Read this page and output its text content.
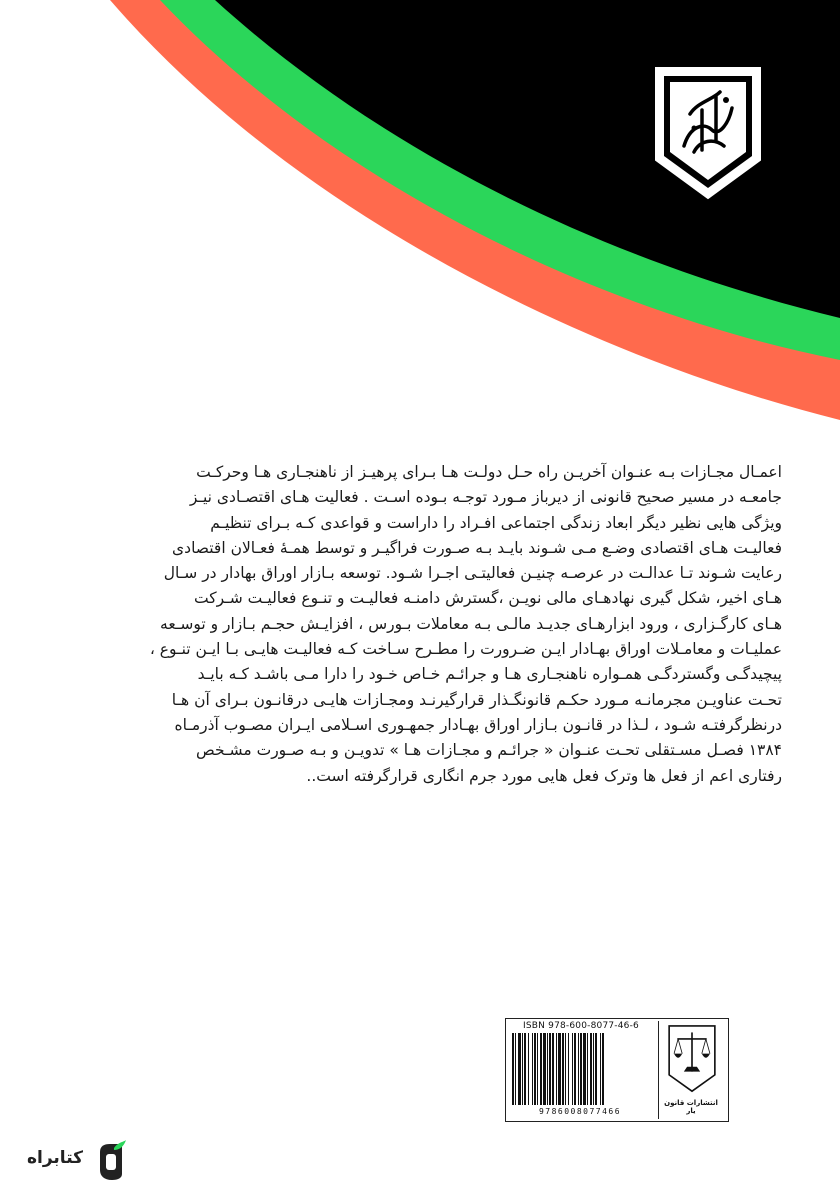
اعمـال مجـازات بـه عنـوان آخریـن راه حـل دولـت هـا بـرای پرهیـز از ناهنجـاری هـا وحرکـت

جامعـه در مسیر صحیح قانونی از دیرباز مـورد توجـه بـوده اسـت . فعالیت هـای اقتصـادی نیـز

ویژگی هایی نظیر دیگر ابعاد زندگی اجتماعی افـراد را داراست و قواعدی کـه بـرای تنظیـم

فعالیـت هـای اقتصادی وضـع مـی شـوند بایـد بـه صـورت فراگیـر و توسط همـهٔ فعـالان اقتصادی

رعایت شـوند تـا عدالـت در عرصـه چنیـن فعالیتـی اجـرا شـود. توسعه بـازار اوراق بهادار در سـال

هـای اخیر، شکل گیری نهادهـای مالی نویـن ،گسترش دامنـه فعالیـت و تنـوع فعالیـت شـرکت

هـای کارگـزاری ، ورود ابزارهـای جدیـد مالـی بـه معاملات بـورس ، افزایـش حجـم بـازار و توسـعه

عملیـات و معامـلات اوراق بهـادار ایـن ضـرورت را مطـرح سـاخت کـه فعالیـت هایـی بـا ایـن تنـوع ،

پیچیدگـی وگستردگـی همـواره ناهنجـاری هـا و جرائـم خـاص خـود را دارا مـی باشـد کـه بایـد

تحـت عناویـن مجرمانـه مـورد حکـم قانونگـذار قرارگیرنـد ومجـازات هایـی درقانـون بـرای آن هـا

درنظرگرفتـه شـود ، لـذا در قانـون بـازار اوراق بهـادار جمهـوری اسـلامی ایـران مصـوب آذرمـاه

۱۳۸۴ فصـل مسـتقلی تحـت عنـوان « جرائـم و مجـازات هـا » تدویـن و بـه صـورت مشـخص

رفتاری اعم از فعل ها وترک فعل هایی مورد جرم انگاری قرارگرفته است..

ISBN 978-600-8077-46-6
9786008077466
انتشارات قانون یار
کتابراه
